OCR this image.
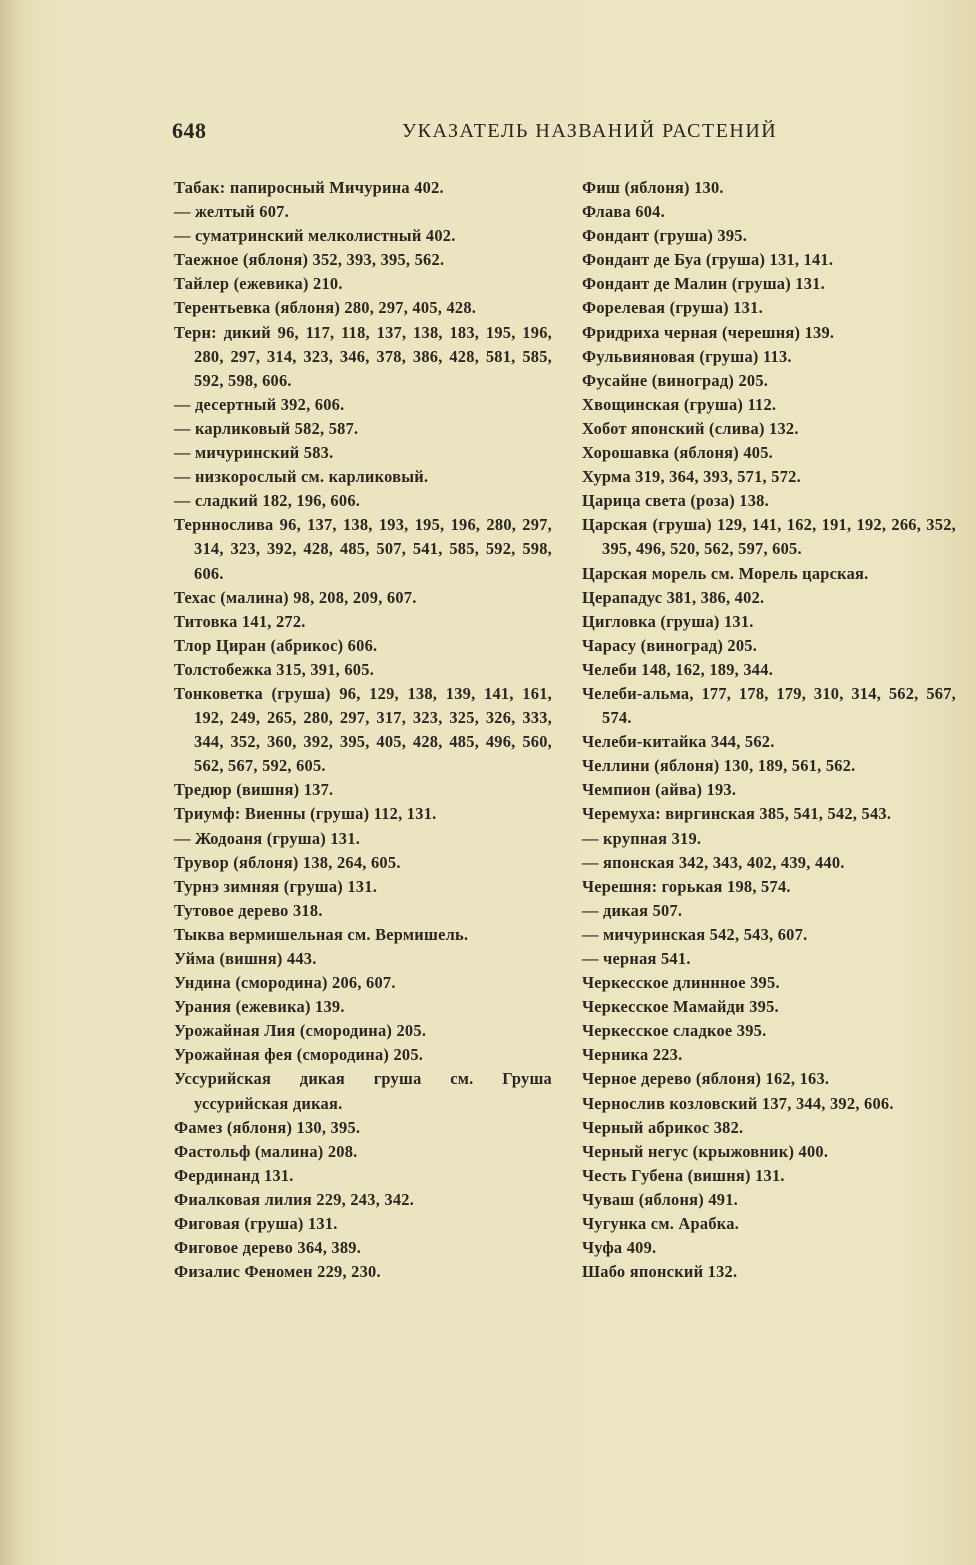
648	УКАЗАТЕЛЬ НАЗВАНИЙ РАСТЕНИЙ
Табак: папиросный Мичурина 402.
— желтый 607.
— суматринский мелколистный 402.
Таежное (яблоня) 352, 393, 395, 562.
Тайлер (ежевика) 210.
Терентьевка (яблоня) 280, 297, 405, 428.
Терн: дикий 96, 117, 118, 137, 138, 183, 195, 196, 280, 297, 314, 323, 346, 378, 386, 428, 581, 585, 592, 598, 606.
— десертный 392, 606.
— карликовый 582, 587.
— мичуринский 583.
— низкорослый см. карликовый.
— сладкий 182, 196, 606.
Терннослива 96, 137, 138, 193, 195, 196, 280, 297, 314, 323, 392, 428, 485, 507, 541, 585, 592, 598, 606.
Техас (малина) 98, 208, 209, 607.
Титовка 141, 272.
Тлор Циран (абрикос) 606.
Толстобежка 315, 391, 605.
Тонковетка (груша) 96, 129, 138, 139, 141, 161, 192, 249, 265, 280, 297, 317, 323, 325, 326, 333, 344, 352, 360, 392, 395, 405, 428, 485, 496, 560, 562, 567, 592, 605.
Тредюр (вишня) 137.
Триумф: Виенны (груша) 112, 131.
— Жодоаня (груша) 131.
Трувор (яблоня) 138, 264, 605.
Турнэ зимняя (груша) 131.
Тутовое дерево 318.
Тыква вермишельная см. Вермишель.
Уйма (вишня) 443.
Ундина (смородина) 206, 607.
Урания (ежевика) 139.
Урожайная Лия (смородина) 205.
Урожайная фея (смородина) 205.
Уссурийская дикая груша см. Груша уссурийская дикая.
Фамез (яблоня) 130, 395.
Фастольф (малина) 208.
Фердинанд 131.
Фиалковая лилия 229, 243, 342.
Фиговая (груша) 131.
Фиговое дерево 364, 389.
Физалис Феномен 229, 230.
Фиш (яблоня) 130.
Флава 604.
Фондант (груша) 395.
Фондант де Буа (груша) 131, 141.
Фондант де Малин (груша) 131.
Форелевая (груша) 131.
Фридриха черная (черешня) 139.
Фульвияновая (груша) 113.
Фусайне (виноград) 205.
Хвощинская (груша) 112.
Хобот японский (слива) 132.
Хорошавка (яблоня) 405.
Хурма 319, 364, 393, 571, 572.
Царица света (роза) 138.
Царская (груша) 129, 141, 162, 191, 192, 266, 352, 395, 496, 520, 562, 597, 605.
Царская морель см. Морель царская.
Церападус 381, 386, 402.
Цигловка (груша) 131.
Чарасу (виноград) 205.
Челеби 148, 162, 189, 344.
Челеби-альма, 177, 178, 179, 310, 314, 562, 567, 574.
Челеби-китайка 344, 562.
Челлини (яблоня) 130, 189, 561, 562.
Чемпион (айва) 193.
Черемуха: виргинская 385, 541, 542, 543.
— крупная 319.
— японская 342, 343, 402, 439, 440.
Черешня: горькая 198, 574.
— дикая 507.
— мичуринская 542, 543, 607.
— черная 541.
Черкесское длиннное 395.
Черкесское Мамайди 395.
Черкесское сладкое 395.
Черника 223.
Черное дерево (яблоня) 162, 163.
Чернослив козловский 137, 344, 392, 606.
Черный абрикос 382.
Черный негус (крыжовник) 400.
Честь Губена (вишня) 131.
Чуваш (яблоня) 491.
Чугунка см. Арабка.
Чуфа 409.
Шабо японский 132.
